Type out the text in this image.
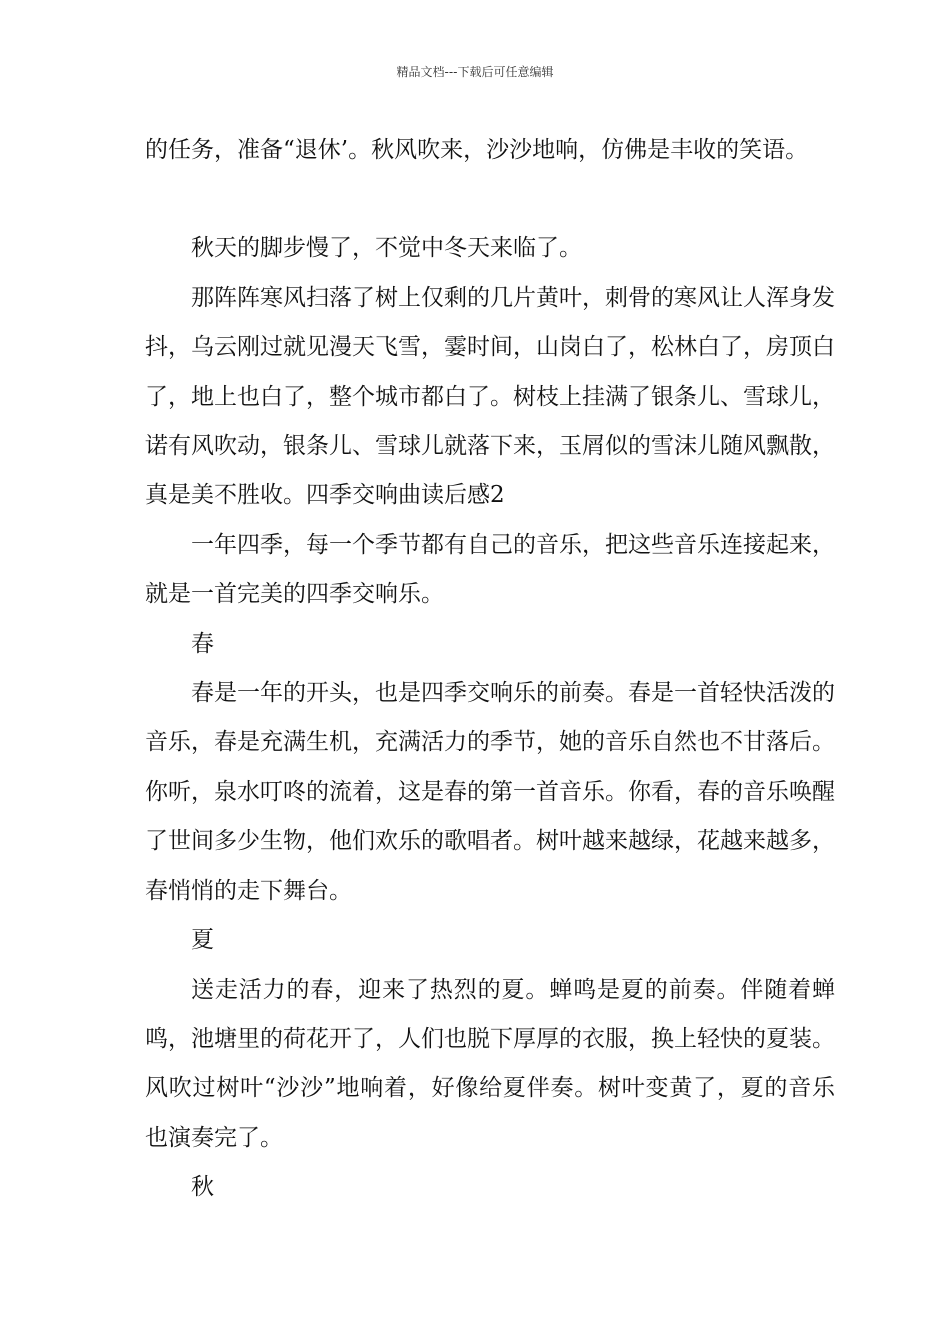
精品文档---下载后可任意编辑

的任务，准备“退休’。秋风吹来，沙沙地响，仿佛是丰收的笑语。

秋天的脚步慢了，不觉中冬天来临了。

那阵阵寒风扫落了树上仅剩的几片黄叶，刺骨的寒风让人浑身发抖，乌云刚过就见漫天飞雪，霎时间，山岗白了，松林白了，房顶白了，地上也白了，整个城市都白了。树枝上挂满了银条儿、雪球儿，诺有风吹动，银条儿、雪球儿就落下来，玉屑似的雪沫儿随风飘散，真是美不胜收。四季交响曲读后感2

一年四季，每一个季节都有自己的音乐，把这些音乐连接起来，就是一首完美的四季交响乐。

春

春是一年的开头，也是四季交响乐的前奏。春是一首轻快活泼的音乐，春是充满生机，充满活力的季节，她的音乐自然也不甘落后。你听，泉水叮咚的流着，这是春的第一首音乐。你看，春的音乐唤醒了世间多少生物，他们欢乐的歌唱者。树叶越来越绿，花越来越多，春悄悄的走下舞台。

夏

送走活力的春，迎来了热烈的夏。蝉鸣是夏的前奏。伴随着蝉鸣，池塘里的荷花开了，人们也脱下厚厚的衣服，换上轻快的夏装。风吹过树叶“沙沙”地响着，好像给夏伴奏。树叶变黄了，夏的音乐也演奏完了。

秋
